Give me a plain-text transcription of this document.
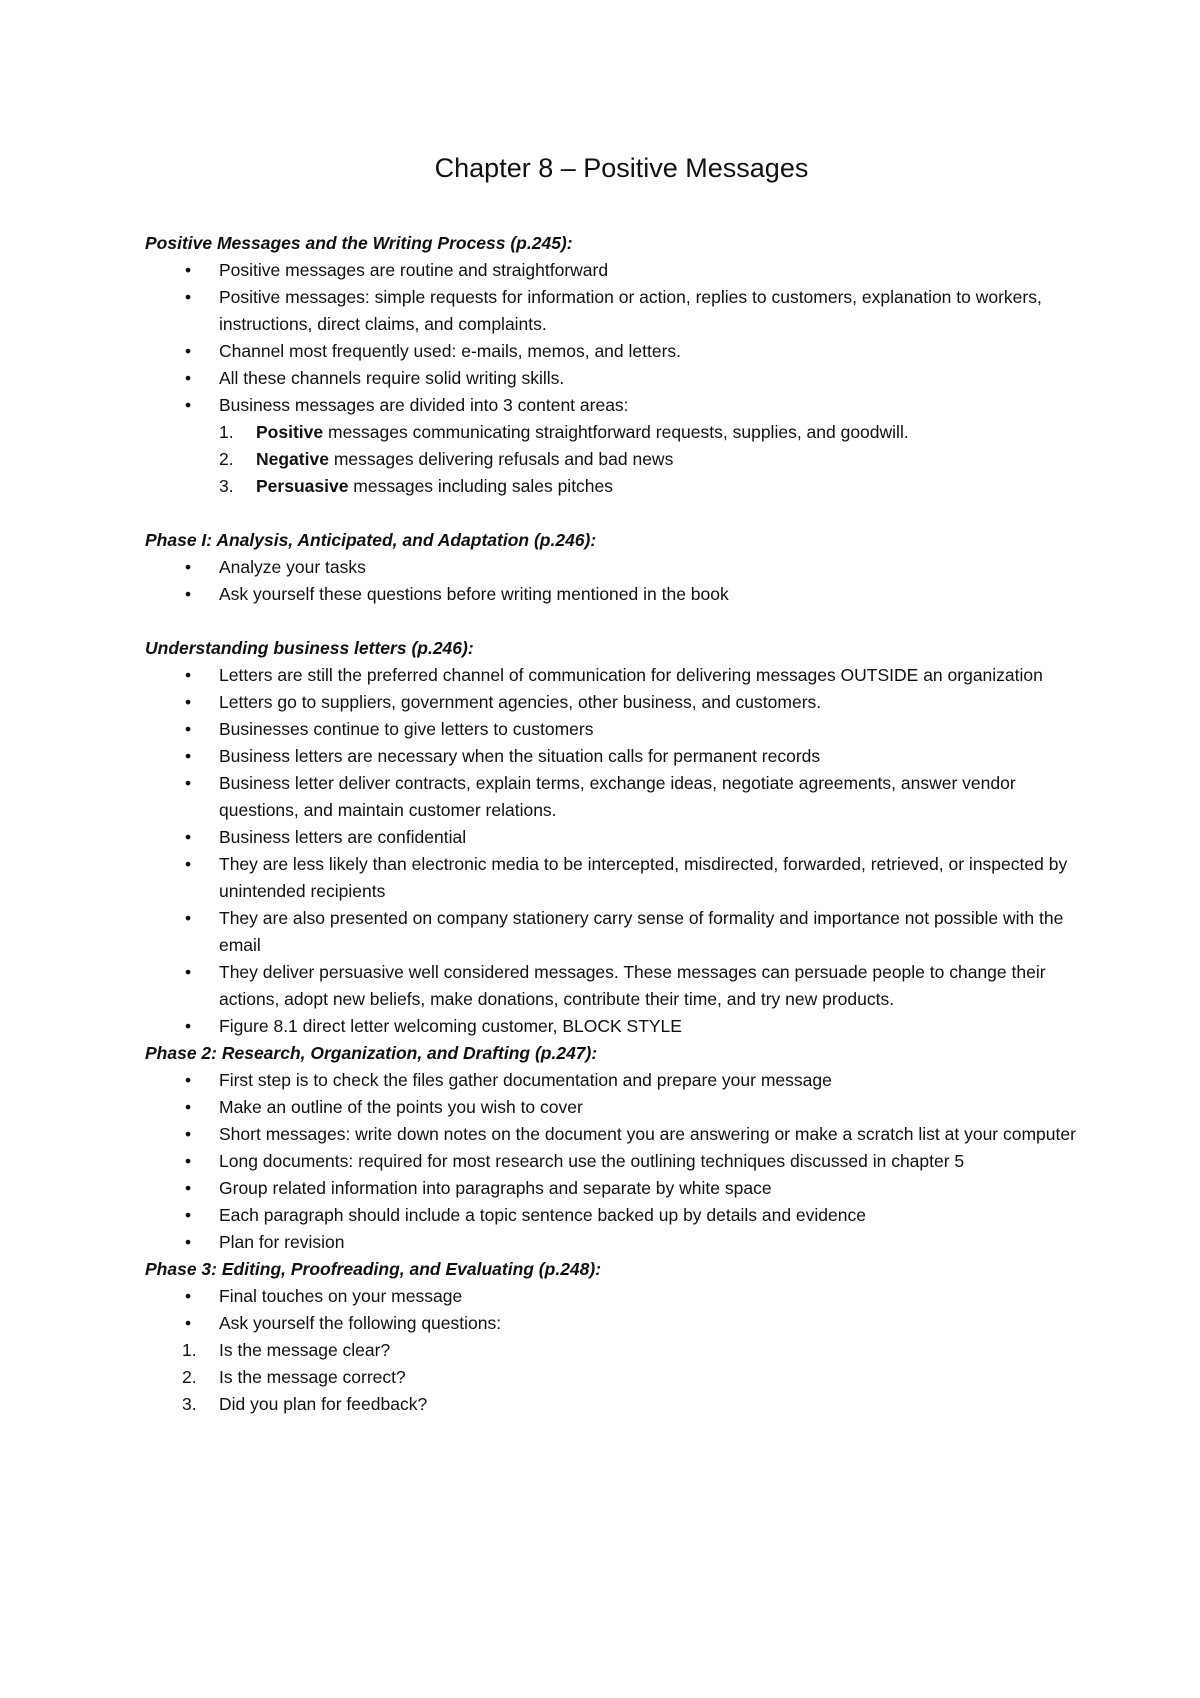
Chapter 8 – Positive Messages

Positive Messages and the Writing Process (p.245):

• Positive messages are routine and straightforward
• Positive messages: simple requests for information or action, replies to customers, explanation to workers, instructions, direct claims, and complaints.
• Channel most frequently used: e-mails, memos, and letters.
• All these channels require solid writing skills.
• Business messages are divided into 3 content areas:
1. Positive messages communicating straightforward requests, supplies, and goodwill.
2. Negative messages delivering refusals and bad news
3. Persuasive messages including sales pitches

Phase I: Analysis, Anticipated, and Adaptation (p.246):

• Analyze your tasks
• Ask yourself these questions before writing mentioned in the book

Understanding business letters (p.246):

• Letters are still the preferred channel of communication for delivering messages OUTSIDE an organization
• Letters go to suppliers, government agencies, other business, and customers.
• Businesses continue to give letters to customers
• Business letters are necessary when the situation calls for permanent records
• Business letter deliver contracts, explain terms, exchange ideas, negotiate agreements, answer vendor questions, and maintain customer relations.
• Business letters are confidential
• They are less likely than electronic media to be intercepted, misdirected, forwarded, retrieved, or inspected by unintended recipients
• They are also presented on company stationery carry sense of formality and importance not possible with the email
• They deliver persuasive well considered messages. These messages can persuade people to change their actions, adopt new beliefs, make donations, contribute their time, and try new products.
• Figure 8.1 direct letter welcoming customer, BLOCK STYLE

Phase 2: Research, Organization, and Drafting (p.247):

• First step is to check the files gather documentation and prepare your message
• Make an outline of the points you wish to cover
• Short messages: write down notes on the document you are answering or make a scratch list at your computer
• Long documents: required for most research use the outlining techniques discussed in chapter 5
• Group related information into paragraphs and separate by white space
• Each paragraph should include a topic sentence backed up by details and evidence
• Plan for revision

Phase 3: Editing, Proofreading, and Evaluating (p.248):

• Final touches on your message
• Ask yourself the following questions:
1. Is the message clear?
2. Is the message correct?
3. Did you plan for feedback?
